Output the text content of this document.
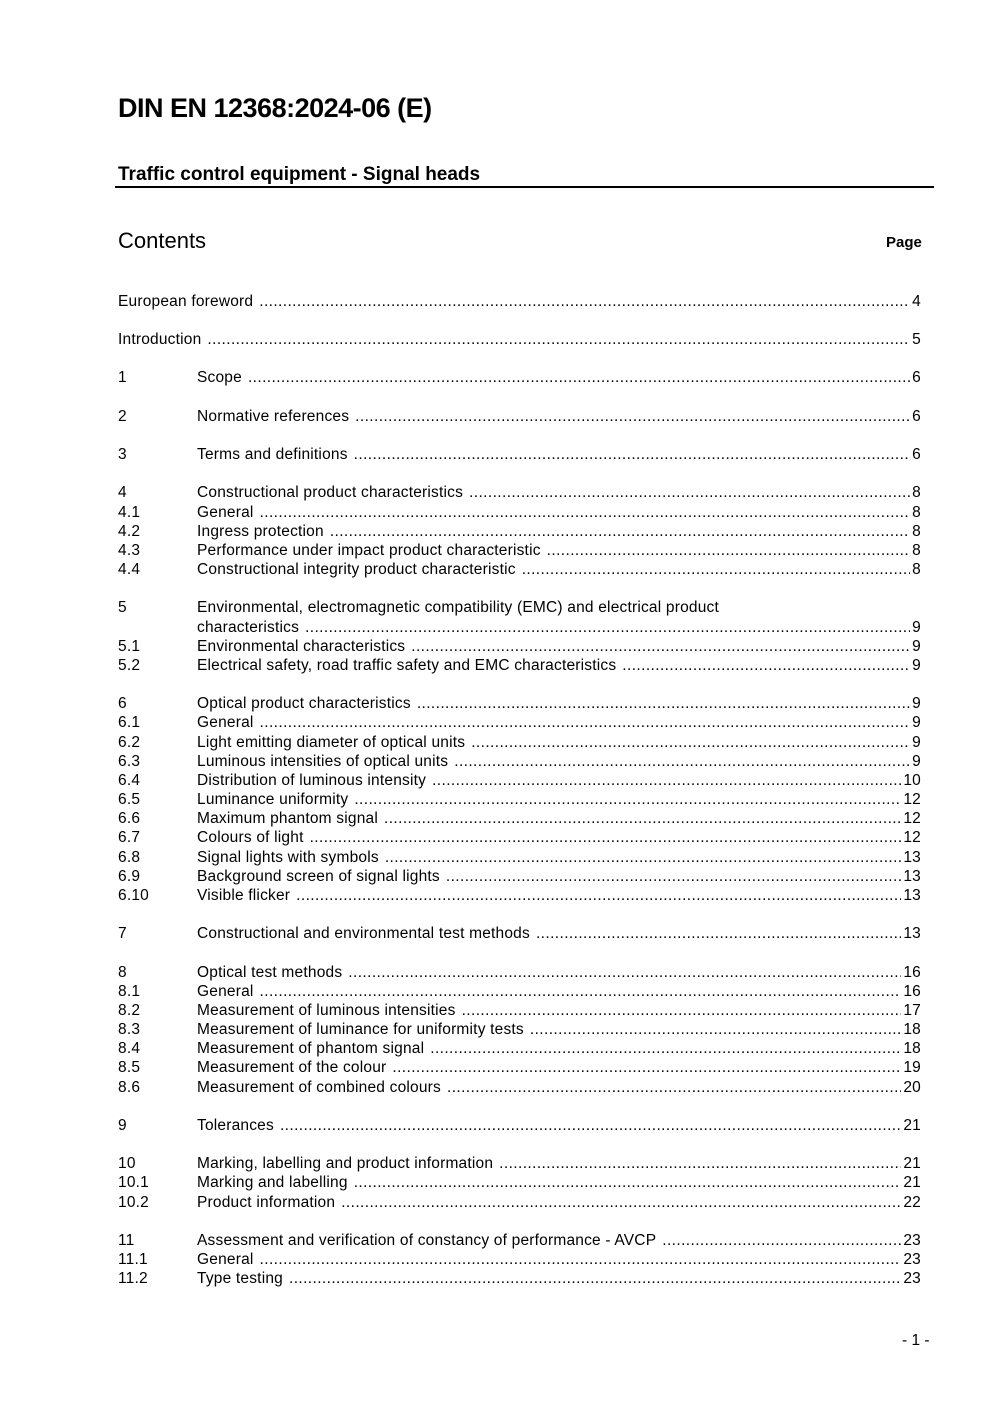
DIN EN 12368:2024-06 (E)
Traffic control equipment - Signal heads
Contents	Page
European foreword .....	4
Introduction .....	5
1	Scope .....	6
2	Normative references .....	6
3	Terms and definitions .....	6
4	Constructional product characteristics .....	8
4.1	General .....	8
4.2	Ingress protection .....	8
4.3	Performance under impact product characteristic .....	8
4.4	Constructional integrity product characteristic .....	8
5	Environmental, electromagnetic compatibility (EMC) and electrical product
characteristics .....	9
5.1	Environmental characteristics .....	9
5.2	Electrical safety, road traffic safety and EMC characteristics .....	9
6	Optical product characteristics .....	9
6.1	General .....	9
6.2	Light emitting diameter of optical units .....	9
6.3	Luminous intensities of optical units .....	9
6.4	Distribution of luminous intensity .....	10
6.5	Luminance uniformity .....	12
6.6	Maximum phantom signal .....	12
6.7	Colours of light .....	12
6.8	Signal lights with symbols .....	13
6.9	Background screen of signal lights .....	13
6.10	Visible flicker .....	13
7	Constructional and environmental test methods .....	13
8	Optical test methods .....	16
8.1	General .....	16
8.2	Measurement of luminous intensities .....	17
8.3	Measurement of luminance for uniformity tests .....	18
8.4	Measurement of phantom signal .....	18
8.5	Measurement of the colour .....	19
8.6	Measurement of combined colours .....	20
9	Tolerances .....	21
10	Marking, labelling and product information .....	21
10.1	Marking and labelling .....	21
10.2	Product information .....	22
11	Assessment and verification of constancy of performance - AVCP .....	23
11.1	General .....	23
11.2	Type testing .....	23
- 1 -
